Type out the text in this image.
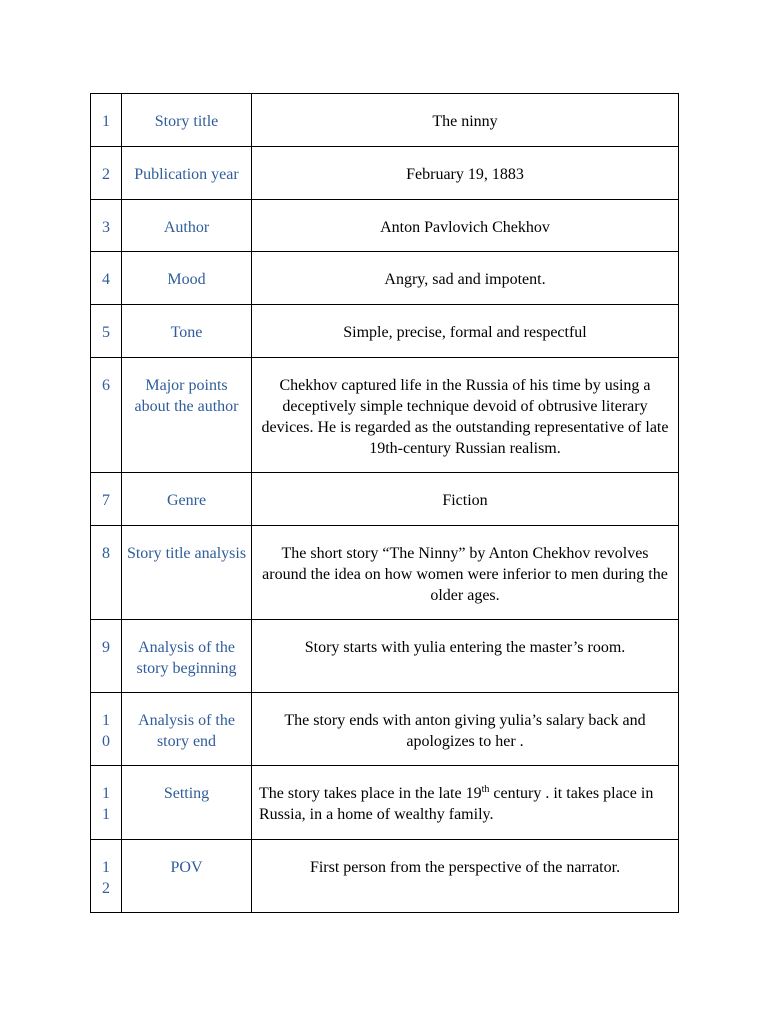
1	Story title	The ninny

2	Publication year	February 19, 1883

3	Author	Anton Pavlovich Chekhov

4	Mood	Angry, sad and impotent.

5	Tone	Simple, precise, formal and respectful

6	Major points about the author	Chekhov captured life in the Russia of his time by using a deceptively simple technique devoid of obtrusive literary devices. He is regarded as the outstanding representative of late 19th-century Russian realism.

7	Genre	Fiction

8	Story title analysis	The short story “The Ninny” by Anton Chekhov revolves around the idea on how women were inferior to men during the older ages.

9	Analysis of the story beginning	Story starts with yulia entering the master’s room.

10	Analysis of the story end	The story ends with anton giving yulia’s salary back and apologizes to her .

11	Setting	The story takes place in the late 19th century . it takes place in Russia, in a home of wealthy family.

12	POV	First person from the perspective of the narrator.
